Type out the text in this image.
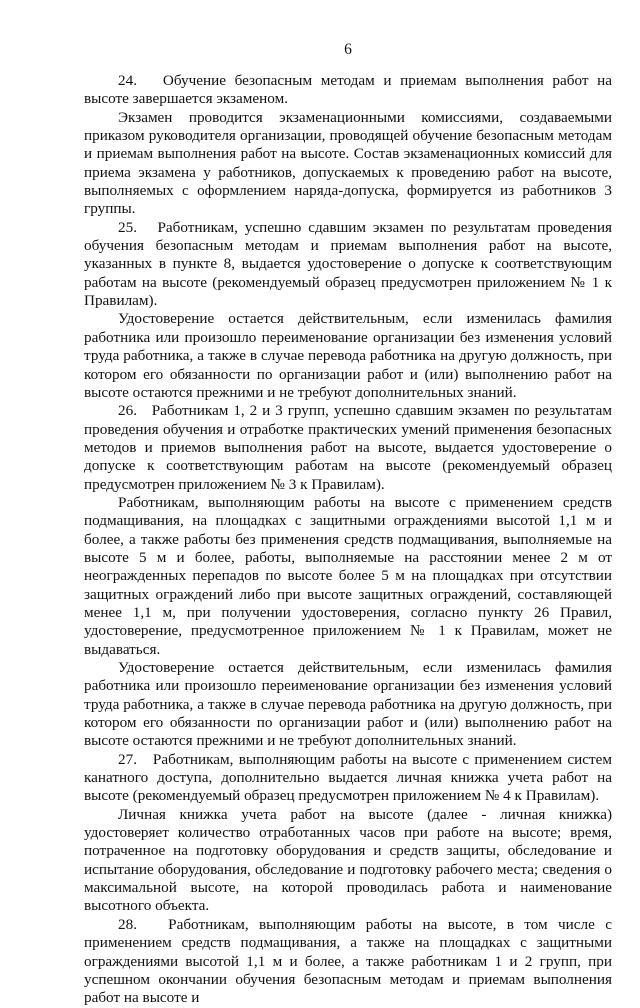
6

24.   Обучение безопасным методам и приемам выполнения работ на высоте завершается экзаменом.

Экзамен проводится экзаменационными комиссиями, создаваемыми приказом руководителя организации, проводящей обучение безопасным методам и приемам выполнения работ на высоте. Состав экзаменационных комиссий для приема экзамена у работников, допускаемых к проведению работ на высоте, выполняемых с оформлением наряда-допуска, формируется из работников 3 группы.

25.   Работникам, успешно сдавшим экзамен по результатам проведения обучения безопасным методам и приемам выполнения работ на высоте, указанных в пункте 8, выдается удостоверение о допуске к соответствующим работам на высоте (рекомендуемый образец предусмотрен приложением № 1 к Правилам).

Удостоверение остается действительным, если изменилась фамилия работника или произошло переименование организации без изменения условий труда работника, а также в случае перевода работника на другую должность, при котором его обязанности по организации работ и (или) выполнению работ на высоте остаются прежними и не требуют дополнительных знаний.

26.   Работникам 1, 2 и 3 групп, успешно сдавшим экзамен по результатам проведения обучения и отработке практических умений применения безопасных методов и приемов выполнения работ на высоте, выдается удостоверение о допуске к соответствующим работам на высоте (рекомендуемый образец предусмотрен приложением № 3 к Правилам).

Работникам, выполняющим работы на высоте с применением средств подмащивания, на площадках с защитными ограждениями высотой 1,1 м и более, а также работы без применения средств подмащивания, выполняемые на высоте 5 м и более, работы, выполняемые на расстоянии менее 2 м от неогражденных перепадов по высоте более 5 м на площадках при отсутствии защитных ограждений либо при высоте защитных ограждений, составляющей менее 1,1 м, при получении удостоверения, согласно пункту 26 Правил, удостоверение, предусмотренное приложением № 1 к Правилам, может не выдаваться.

Удостоверение остается действительным, если изменилась фамилия работника или произошло переименование организации без изменения условий труда работника, а также в случае перевода работника на другую должность, при котором его обязанности по организации работ и (или) выполнению работ на высоте остаются прежними и не требуют дополнительных знаний.

27.   Работникам, выполняющим работы на высоте с применением систем канатного доступа, дополнительно выдается личная книжка учета работ на высоте (рекомендуемый образец предусмотрен приложением № 4 к Правилам).

Личная книжка учета работ на высоте (далее - личная книжка) удостоверяет количество отработанных часов при работе на высоте; время, потраченное на подготовку оборудования и средств защиты, обследование и испытание оборудования, обследование и подготовку рабочего места; сведения о максимальной высоте, на которой проводилась работа и наименование высотного объекта.

28.   Работникам, выполняющим работы на высоте, в том числе с применением средств подмащивания, а также на площадках с защитными ограждениями высотой 1,1 м и более, а также работникам 1 и 2 групп, при успешном окончании обучения безопасным методам и приемам выполнения работ на высоте и
